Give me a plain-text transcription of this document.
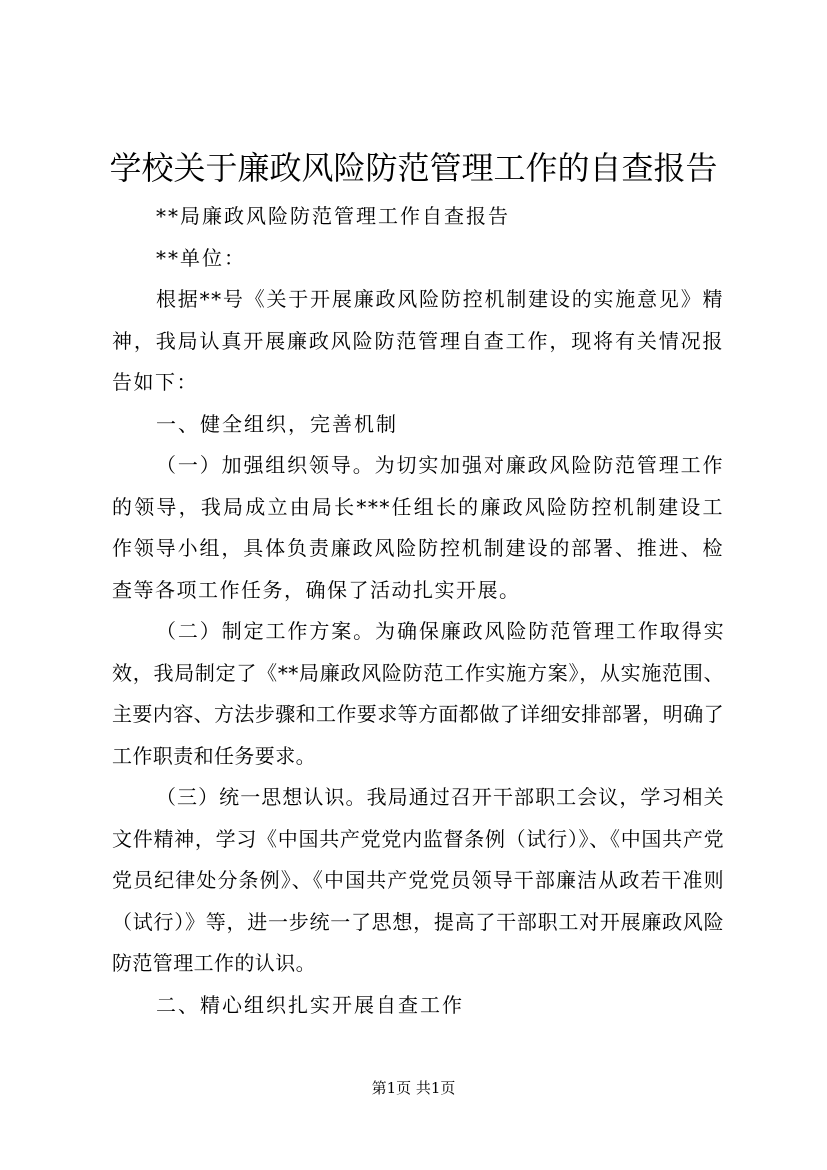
学校关于廉政风险防范管理工作的自查报告

**局廉政风险防范管理工作自查报告

**单位：

根据**号《关于开展廉政风险防控机制建设的实施意见》精神，我局认真开展廉政风险防范管理自查工作，现将有关情况报告如下：

一、健全组织，完善机制

（一）加强组织领导。为切实加强对廉政风险防范管理工作的领导，我局成立由局长***任组长的廉政风险防控机制建设工作领导小组，具体负责廉政风险防控机制建设的部署、推进、检查等各项工作任务，确保了活动扎实开展。

（二）制定工作方案。为确保廉政风险防范管理工作取得实效，我局制定了《**局廉政风险防范工作实施方案》，从实施范围、主要内容、方法步骤和工作要求等方面都做了详细安排部署，明确了工作职责和任务要求。

（三）统一思想认识。我局通过召开干部职工会议，学习相关文件精神，学习《中国共产党党内监督条例（试行）》、《中国共产党党员纪律处分条例》、《中国共产党党员领导干部廉洁从政若干准则（试行）》等，进一步统一了思想，提高了干部职工对开展廉政风险防范管理工作的认识。

二、精心组织扎实开展自查工作

第1页 共1页
